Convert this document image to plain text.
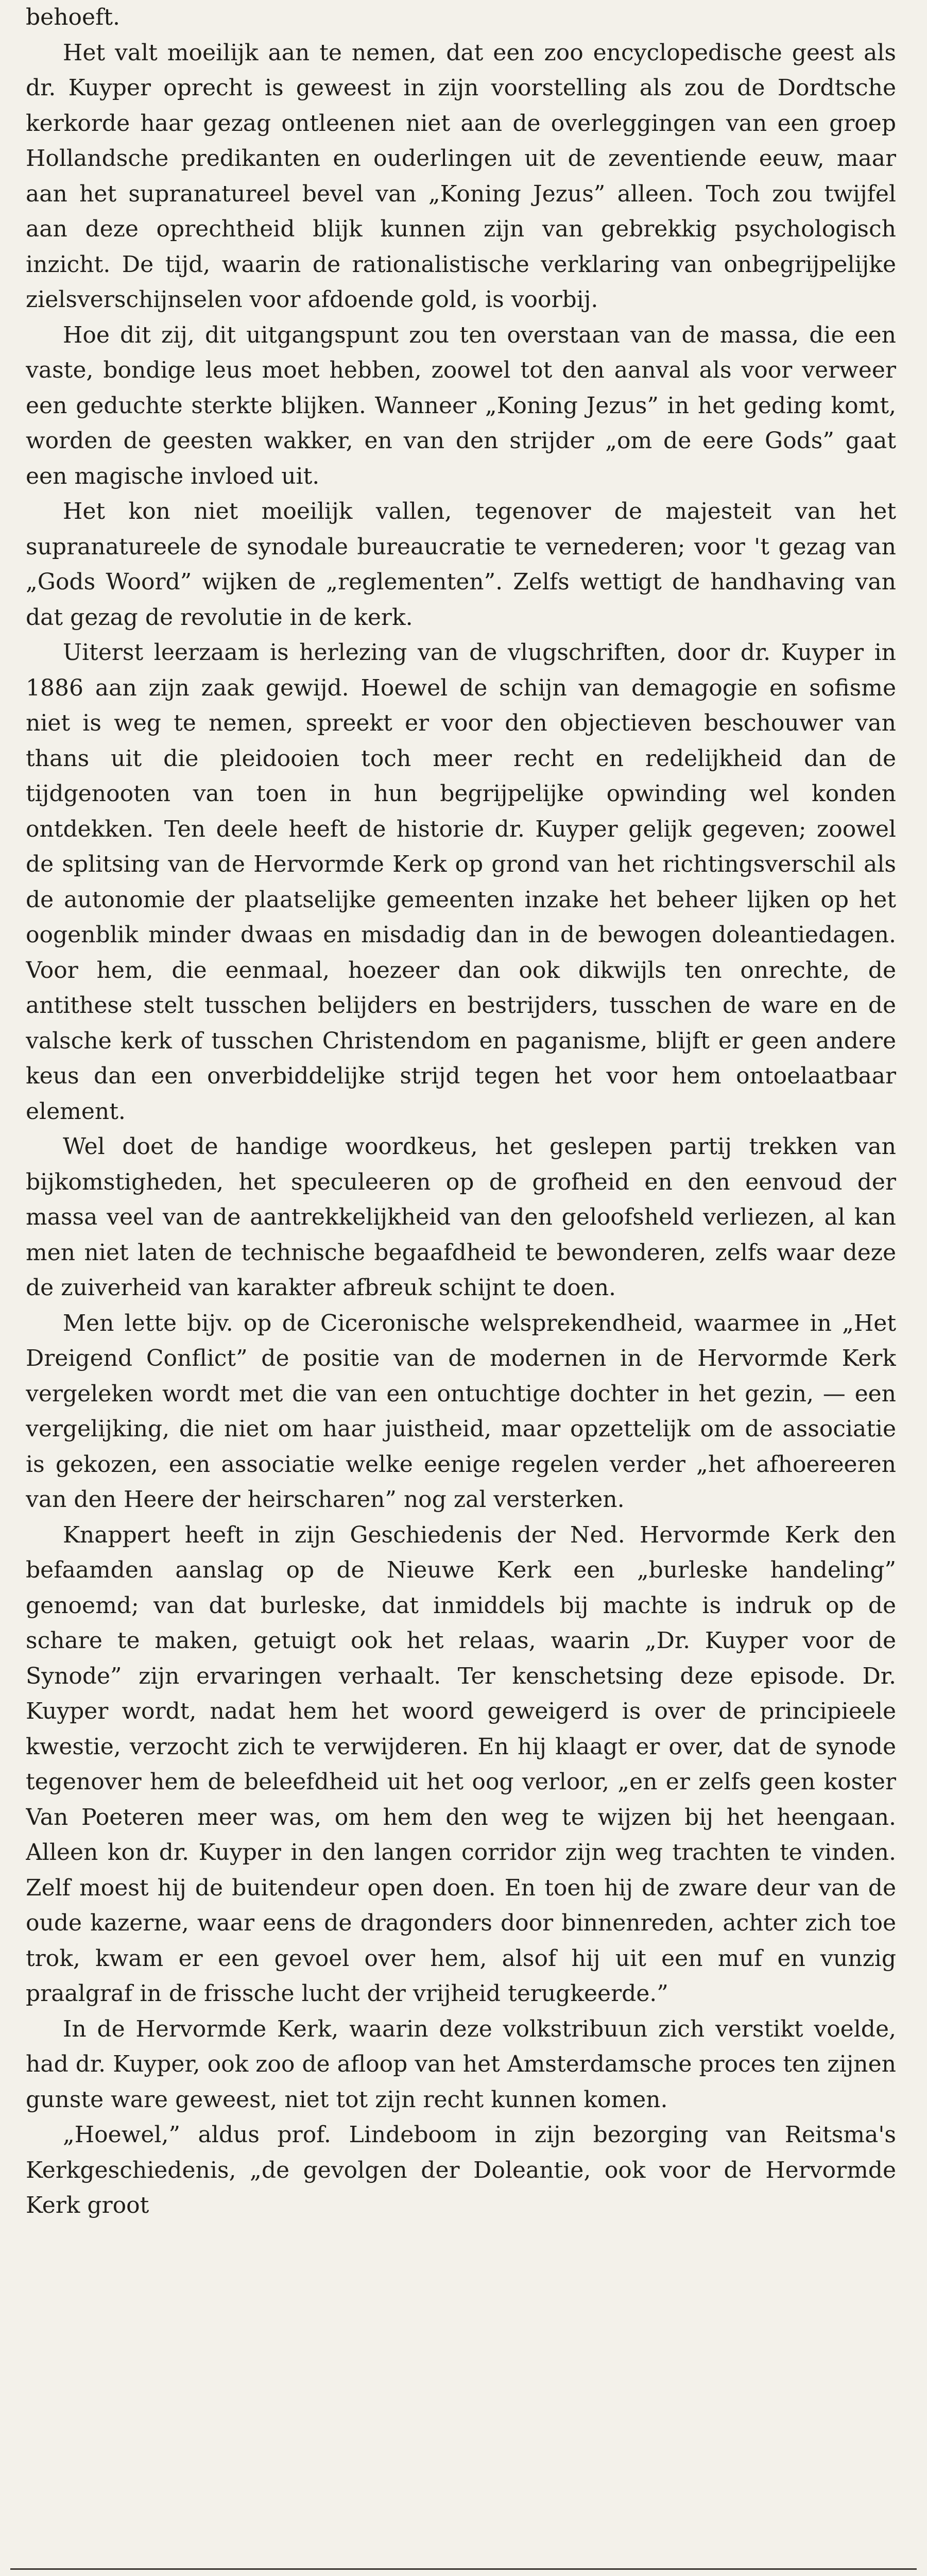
behoeft.

Het valt moeilijk aan te nemen, dat een zoo encyclopedische geest als dr. Kuyper oprecht is geweest in zijn voorstelling als zou de Dordtsche kerkorde haar gezag ontleenen niet aan de overleggingen van een groep Hollandsche predikanten en ouderlingen uit de zeventiende eeuw, maar aan het supranatureel bevel van „Koning Jezus” alleen. Toch zou twijfel aan deze oprechtheid blijk kunnen zijn van gebrekkig psychologisch inzicht. De tijd, waarin de rationalistische verklaring van onbegrijpelijke zielsverschijnselen voor afdoende gold, is voorbij.

Hoe dit zij, dit uitgangspunt zou ten overstaan van de massa, die een vaste, bondige leus moet hebben, zoowel tot den aanval als voor verweer een geduchte sterkte blijken. Wanneer „Koning Jezus” in het geding komt, worden de geesten wakker, en van den strijder „om de eere Gods” gaat een magische invloed uit.

Het kon niet moeilijk vallen, tegenover de majesteit van het supranatureele de synodale bureaucratie te vernederen; voor 't gezag van „Gods Woord” wijken de „reglementen”. Zelfs wettigt de handhaving van dat gezag de revolutie in de kerk.

Uiterst leerzaam is herlezing van de vlugschriften, door dr. Kuyper in 1886 aan zijn zaak gewijd. Hoewel de schijn van demagogie en sofisme niet is weg te nemen, spreekt er voor den objectieven beschouwer van thans uit die pleidooien toch meer recht en redelijkheid dan de tijdgenooten van toen in hun begrijpelijke opwinding wel konden ontdekken. Ten deele heeft de historie dr. Kuyper gelijk gegeven; zoowel de splitsing van de Hervormde Kerk op grond van het richtingsverschil als de autonomie der plaatselijke gemeenten inzake het beheer lijken op het oogenblik minder dwaas en misdadig dan in de bewogen doleantiedagen. Voor hem, die eenmaal, hoezeer dan ook dikwijls ten onrechte, de antithese stelt tusschen belijders en bestrijders, tusschen de ware en de valsche kerk of tusschen Christendom en paganisme, blijft er geen andere keus dan een onverbiddelijke strijd tegen het voor hem ontoelaatbaar element.

Wel doet de handige woordkeus, het geslepen partij trekken van bijkomstigheden, het speculeeren op de grofheid en den eenvoud der massa veel van de aantrekkelijkheid van den geloofsheld verliezen, al kan men niet laten de technische begaafdheid te bewonderen, zelfs waar deze de zuiverheid van karakter afbreuk schijnt te doen.

Men lette bijv. op de Ciceronische welsprekendheid, waarmee in „Het Dreigend Conflict” de positie van de modernen in de Hervormde Kerk vergeleken wordt met die van een ontuchtige dochter in het gezin, — een vergelijking, die niet om haar juistheid, maar opzettelijk om de associatie is gekozen, een associatie welke eenige regelen verder „het afhoereeren van den Heere der heirscharen” nog zal versterken.

Knappert heeft in zijn Geschiedenis der Ned. Hervormde Kerk den befaamden aanslag op de Nieuwe Kerk een „burleske handeling” genoemd; van dat burleske, dat inmiddels bij machte is indruk op de schare te maken, getuigt ook het relaas, waarin „Dr. Kuyper voor de Synode” zijn ervaringen verhaalt. Ter kenschetsing deze episode. Dr. Kuyper wordt, nadat hem het woord geweigerd is over de principieele kwestie, verzocht zich te verwijderen. En hij klaagt er over, dat de synode tegenover hem de beleefdheid uit het oog verloor, „en er zelfs geen koster Van Poeteren meer was, om hem den weg te wijzen bij het heengaan. Alleen kon dr. Kuyper in den langen corridor zijn weg trachten te vinden. Zelf moest hij de buitendeur open doen. En toen hij de zware deur van de oude kazerne, waar eens de dragonders door binnenreden, achter zich toe trok, kwam er een gevoel over hem, alsof hij uit een muf en vunzig praalgraf in de frissche lucht der vrijheid terugkeerde.”

In de Hervormde Kerk, waarin deze volkstribuun zich verstikt voelde, had dr. Kuyper, ook zoo de afloop van het Amsterdamsche proces ten zijnen gunste ware geweest, niet tot zijn recht kunnen komen.

„Hoewel,” aldus prof. Lindeboom in zijn bezorging van Reitsma's Kerkgeschiedenis, „de gevolgen der Doleantie, ook voor de Hervormde Kerk groot
